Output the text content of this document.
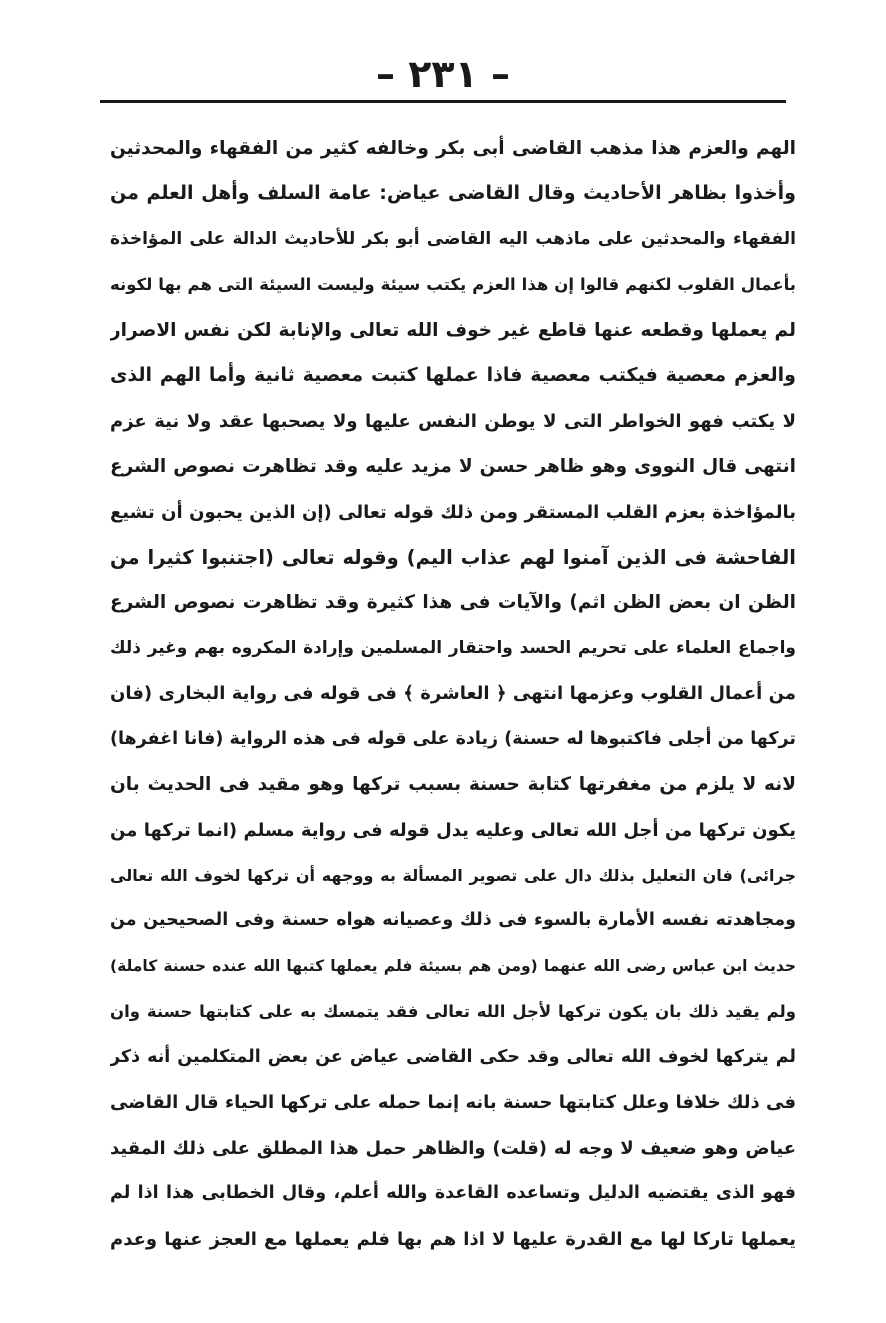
– ٢٣١ –
الهم والعزم هذا مذهب القاضى أبى بكر وخالفه كثير من الفقهاء والمحدثين
وأخذوا بظاهر الأحاديث وقال القاضى عياض: عامة السلف وأهل العلم من
الفقهاء والمحدثين على ماذهب اليه القاضى أبو بكر للأحاديث الدالة على المؤاخذة
بأعمال القلوب لكنهم قالوا إن هذا العزم يكتب سيئة وليست السيئة التى هم بها لكونه
لم يعملها وقطعه عنها قاطع غير خوف الله تعالى والإنابة لكن نفس الاصرار
والعزم معصية فيكتب معصية فاذا عملها كتبت معصية ثانية وأما الهم الذى
لا يكتب فهو الخواطر التى لا يوطن النفس عليها ولا يصحبها عقد ولا نية عزم
انتهى قال النووى وهو ظاهر حسن لا مزيد عليه وقد تظاهرت نصوص الشرع
بالمؤاخذة بعزم القلب المستقر ومن ذلك قوله تعالى (إن الذين يحبون أن تشيع
الفاحشة فى الذين آمنوا لهم عذاب اليم) وقوله تعالى (اجتنبوا كثيرا من
الظن ان بعض الظن اثم) والآيات فى هذا كثيرة وقد تظاهرت نصوص الشرع
واجماع العلماء على تحريم الحسد واحتقار المسلمين وإرادة المكروه بهم وغير ذلك
من أعمال القلوب وعزمها انتهى ﴿ العاشرة ﴾ فى قوله فى رواية البخارى (فان
تركها من أجلى فاكتبوها له حسنة) زيادة على قوله فى هذه الرواية (فانا اغفرها)
لانه لا يلزم من مغفرتها كتابة حسنة بسبب تركها وهو مقيد فى الحديث بان
يكون تركها من أجل الله تعالى وعليه يدل قوله فى رواية مسلم (انما تركها من
جرائى) فان التعليل بذلك دال على تصوير المسألة به ووجهه أن تركها لخوف الله تعالى
ومجاهدته نفسه الأمارة بالسوء فى ذلك وعصيانه هواه حسنة وفى الصحيحين من
حديث ابن عباس رضى الله عنهما (ومن هم بسيئة فلم يعملها كتبها الله عنده حسنة كاملة)
ولم يقيد ذلك بان يكون تركها لأجل الله تعالى فقد يتمسك به على كتابتها حسنة وان
لم يتركها لخوف الله تعالى وقد حكى القاضى عياض عن بعض المتكلمين أنه ذكر
فى ذلك خلافا وعلل كتابتها حسنة بانه إنما حمله على تركها الحياء قال القاضى
عياض وهو ضعيف لا وجه له (قلت) والظاهر حمل هذا المطلق على ذلك المقيد
فهو الذى يقتضيه الدليل وتساعده القاعدة والله أعلم، وقال الخطابى هذا اذا لم
يعملها تاركا لها مع القدرة عليها لا اذا هم بها فلم يعملها مع العجز عنها وعدم
